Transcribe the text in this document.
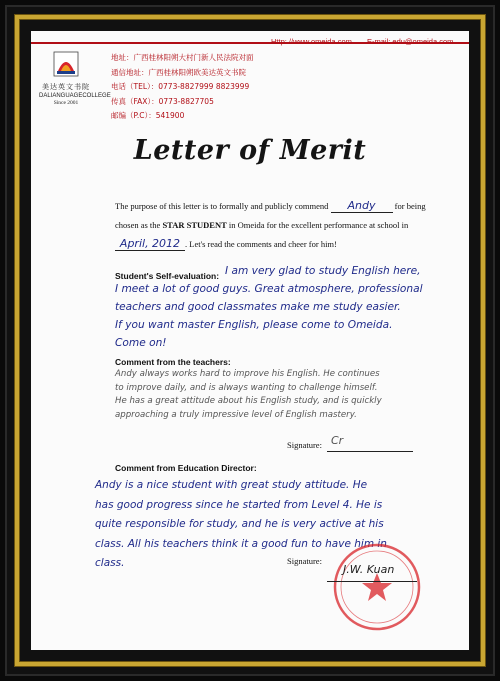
Http: //www.omeida.com E-mail: edu@omeida.com
美达英文书院
DALIANGUAGECOLLEGE
Since 2001
地址：广西桂林阳朔大村门新人民法院对面
通信地址：广西桂林阳朔欧美达英文书院
电话（TEL）：0773-8827999 8823999
传真（FAX）：0773-8827705
邮编（P.C）：541900
Letter of Merit
The purpose of this letter is to formally and publicly commend Andy for being
chosen as the STAR STUDENT in Omeida for the excellent performance at school in
April, 2012 . Let's read the comments and cheer for him!
Student's Self-evaluation: I am very glad to study English here,
I meet a lot of good guys. Great atmosphere, professional
teachers and good classmates make me study easier.
If you want master English, please come to Omeida.
Come on!
Comment from the teachers:
Andy always works hard to improve his English. He continues
to improve daily, and is always wanting to challenge himself.
He has a great attitude about his English study, and is quickly
approaching a truly impressive level of English mastery.
Signature: Cr
Comment from Education Director:
Andy is a nice student with great study attitude. He
has good progress since he started from Level 4. He is
quite responsible for study, and he is very active at his
class. All his teachers think it a good fun to have him in
class.	Signature:
J.W. Kuan
